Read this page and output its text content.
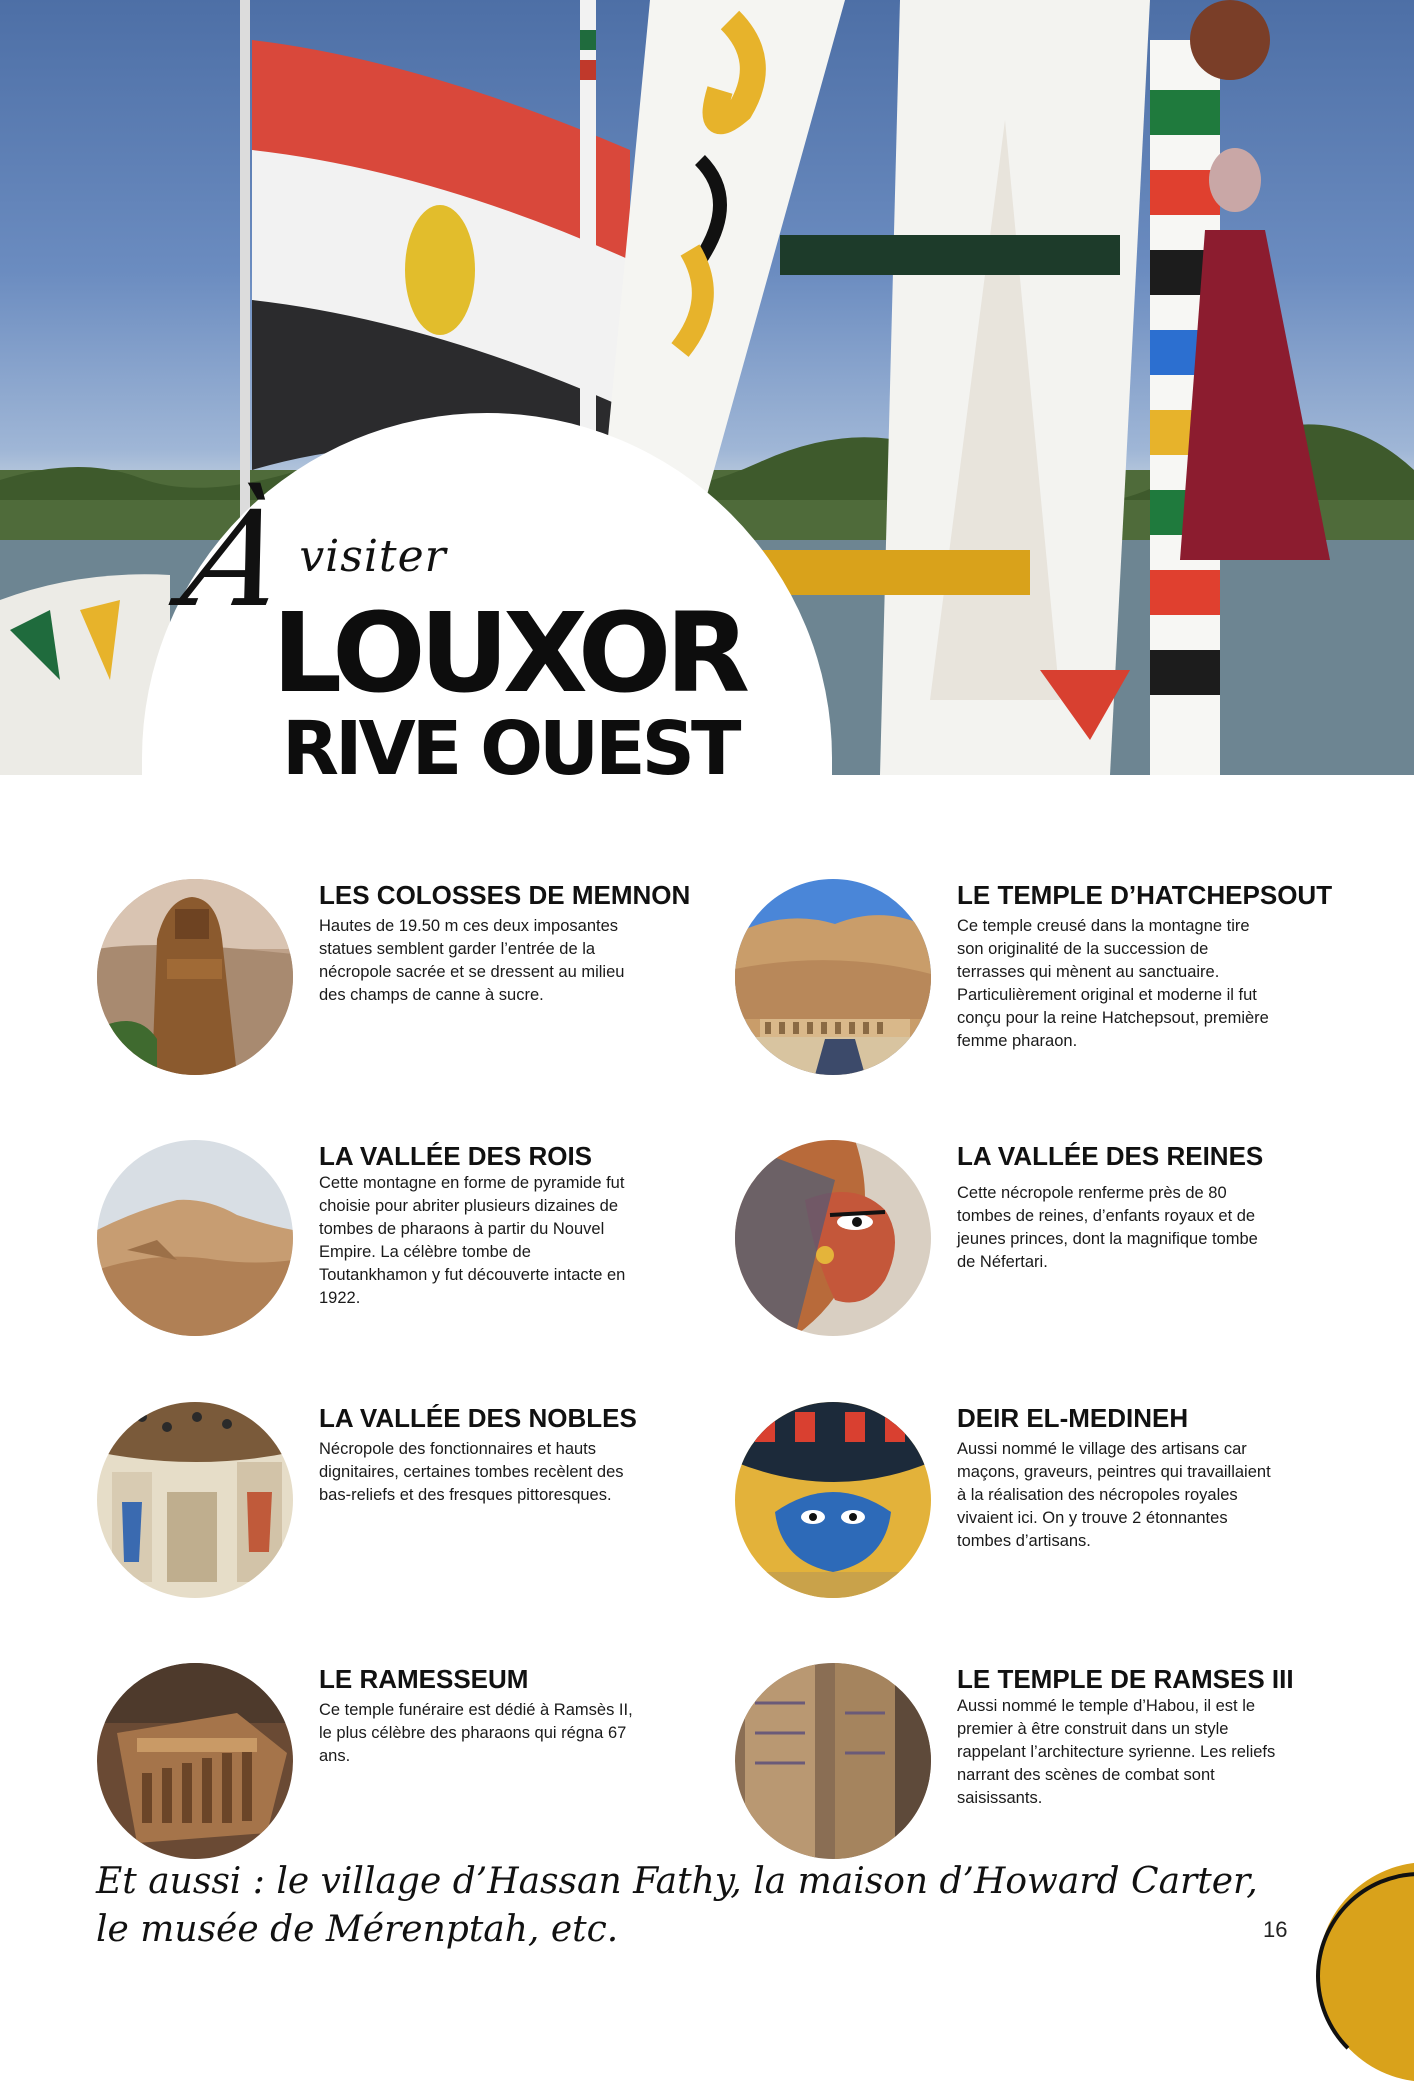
À visiter
LOUXOR
RIVE OUEST
LES COLOSSES DE MEMNON

Hautes de 19.50 m ces deux imposantes statues semblent garder l’entrée de la nécropole sacrée et se dressent au milieu des champs de canne à sucre.

LE TEMPLE D’HATCHEPSOUT

Ce temple creusé dans la montagne tire son originalité de la succession de terrasses qui mènent au sanctuaire. Particulièrement original et moderne il fut conçu pour la reine Hatchepsout, première femme pharaon.

LA VALLÉE DES ROIS

Cette montagne en forme de pyramide fut choisie pour abriter plusieurs dizaines de tombes de pharaons à partir du Nouvel Empire. La célèbre tombe de Toutankhamon y fut découverte intacte en 1922.

LA VALLÉE DES REINES

Cette nécropole renferme près de 80 tombes de reines, d’enfants royaux et de jeunes princes, dont la magnifique tombe de Néfertari.

LA VALLÉE DES NOBLES

Nécropole des fonctionnaires et hauts dignitaires, certaines tombes recèlent des bas-reliefs et des fresques pittoresques.

DEIR EL-MEDINEH

Aussi nommé le village des artisans car maçons, graveurs, peintres qui travaillaient à la réalisation des nécropoles royales vivaient ici. On y trouve 2 étonnantes tombes d’artisans.

LE RAMESSEUM

Ce temple funéraire est dédié à Ramsès II, le plus célèbre des pharaons qui régna 67 ans.

LE TEMPLE DE RAMSES III

Aussi nommé le temple d’Habou, il est le premier à être construit dans un style rappelant l’architecture syrienne. Les reliefs narrant des scènes de combat sont saisissants.

Et aussi : le village d’Hassan Fathy, la maison d’Howard Carter, le musée de Mérenptah, etc.	16
